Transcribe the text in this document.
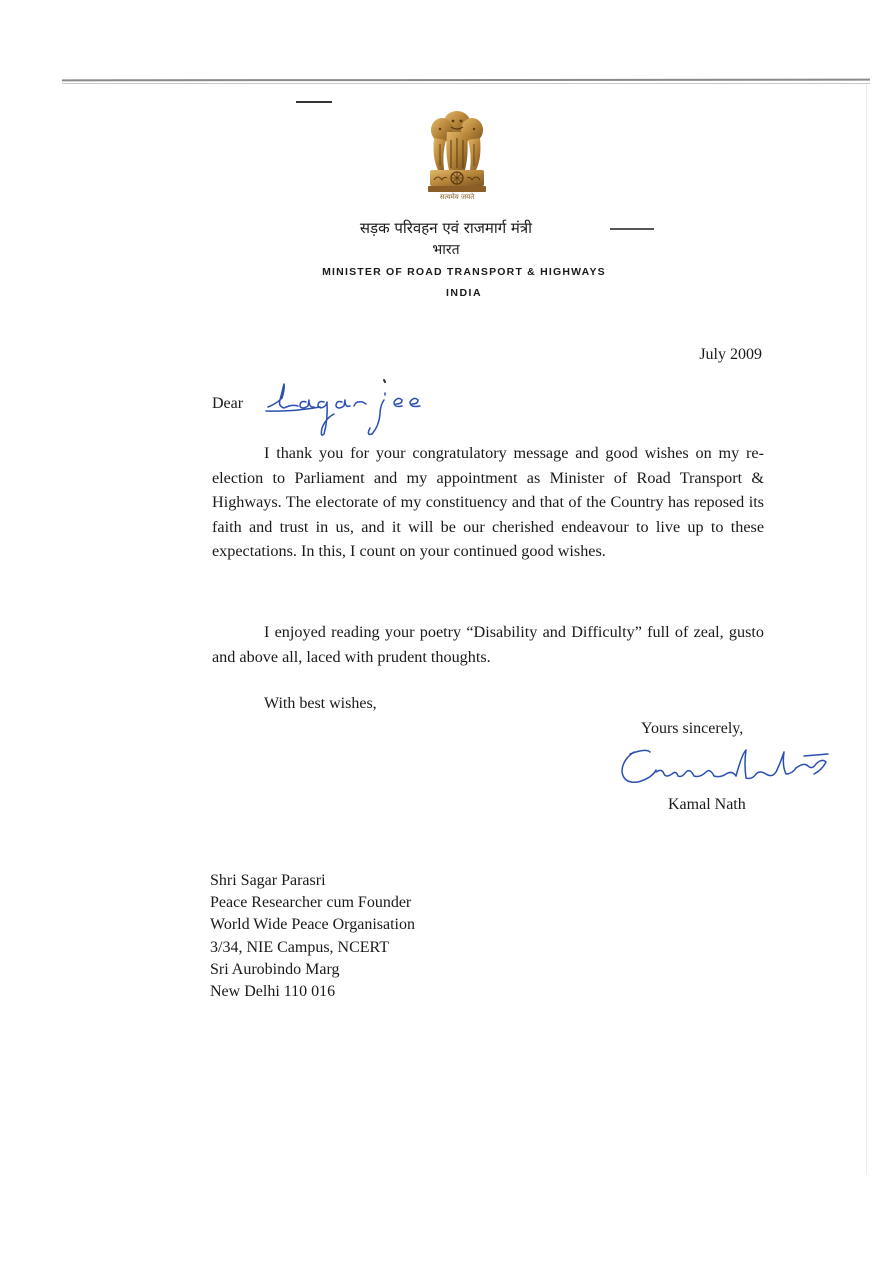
सत्यमेव जयते
सड़क परिवहन एवं राजमार्ग मंत्री
भारत
MINISTER OF ROAD TRANSPORT & HIGHWAYS
INDIA
July 2009
Dear
I thank you for your congratulatory message and good wishes on my re-election to Parliament and my appointment as Minister of Road Transport & Highways. The electorate of my constituency and that of the Country has reposed its faith and trust in us, and it will be our cherished endeavour to live up to these expectations. In this, I count on your continued good wishes.
I enjoyed reading your poetry “Disability and Difficulty” full of zeal, gusto and above all, laced with prudent thoughts.
With best wishes,
Yours sincerely,
Kamal Nath
Shri Sagar Parasri
Peace Researcher cum Founder
World Wide Peace Organisation
3/34, NIE Campus, NCERT
Sri Aurobindo Marg
New Delhi 110 016
